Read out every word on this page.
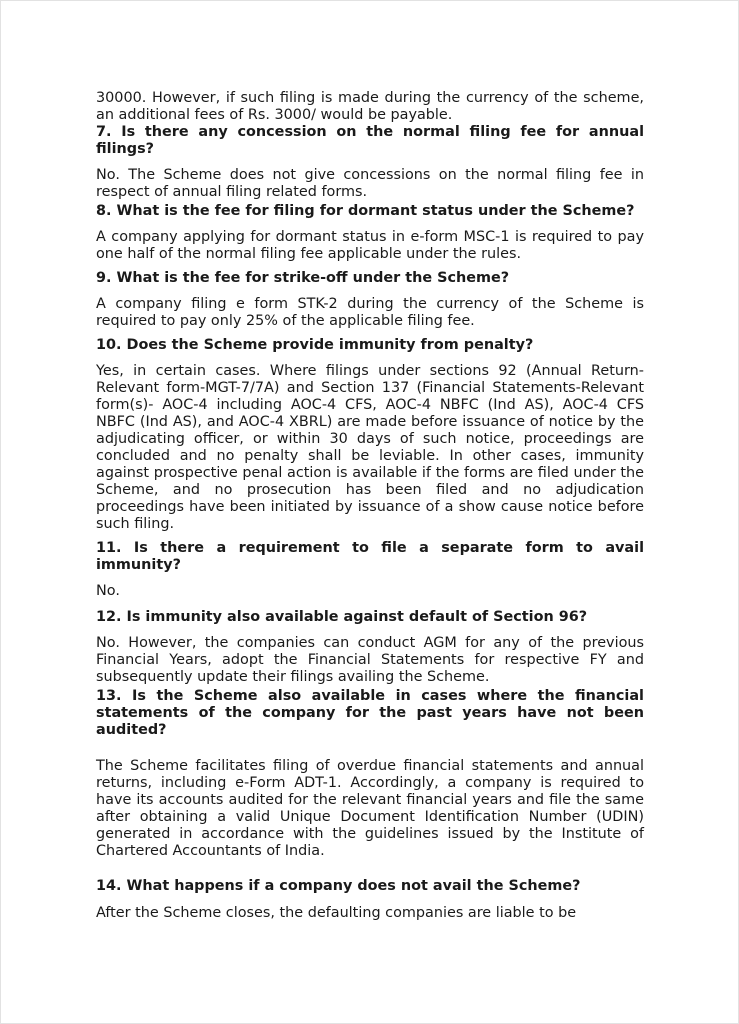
30000. However, if such filing is made during the currency of the scheme, an additional fees of Rs. 3000/ would be payable.

7. Is there any concession on the normal filing fee for annual filings?

No. The Scheme does not give concessions on the normal filing fee in respect of annual filing related forms.

8. What is the fee for filing for dormant status under the Scheme?

A company applying for dormant status in e-form MSC-1 is required to pay one half of the normal filing fee applicable under the rules.

9. What is the fee for strike-off under the Scheme?

A company filing e form STK-2 during the currency of the Scheme is required to pay only 25% of the applicable filing fee.

10. Does the Scheme provide immunity from penalty?

Yes, in certain cases. Where filings under sections 92 (Annual Return-Relevant form-MGT-7/7A) and Section 137 (Financial Statements-Relevant form(s)- AOC-4 including AOC-4 CFS, AOC-4 NBFC (Ind AS), AOC-4 CFS NBFC (Ind AS), and AOC-4 XBRL) are made before issuance of notice by the adjudicating officer, or within 30 days of such notice, proceedings are concluded and no penalty shall be leviable. In other cases, immunity against prospective penal action is available if the forms are filed under the Scheme, and no prosecution has been filed and no adjudication proceedings have been initiated by issuance of a show cause notice before such filing.

11. Is there a requirement to file a separate form to avail immunity?

No.

12. Is immunity also available against default of Section 96?

No. However, the companies can conduct AGM for any of the previous Financial Years, adopt the Financial Statements for respective FY and subsequently update their filings availing the Scheme.

13. Is the Scheme also available in cases where the financial statements of the company for the past years have not been audited?

The Scheme facilitates filing of overdue financial statements and annual returns, including e-Form ADT-1. Accordingly, a company is required to have its accounts audited for the relevant financial years and file the same after obtaining a valid Unique Document Identification Number (UDIN) generated in accordance with the guidelines issued by the Institute of Chartered Accountants of India.

14. What happens if a company does not avail the Scheme?

After the Scheme closes, the defaulting companies are liable to be
